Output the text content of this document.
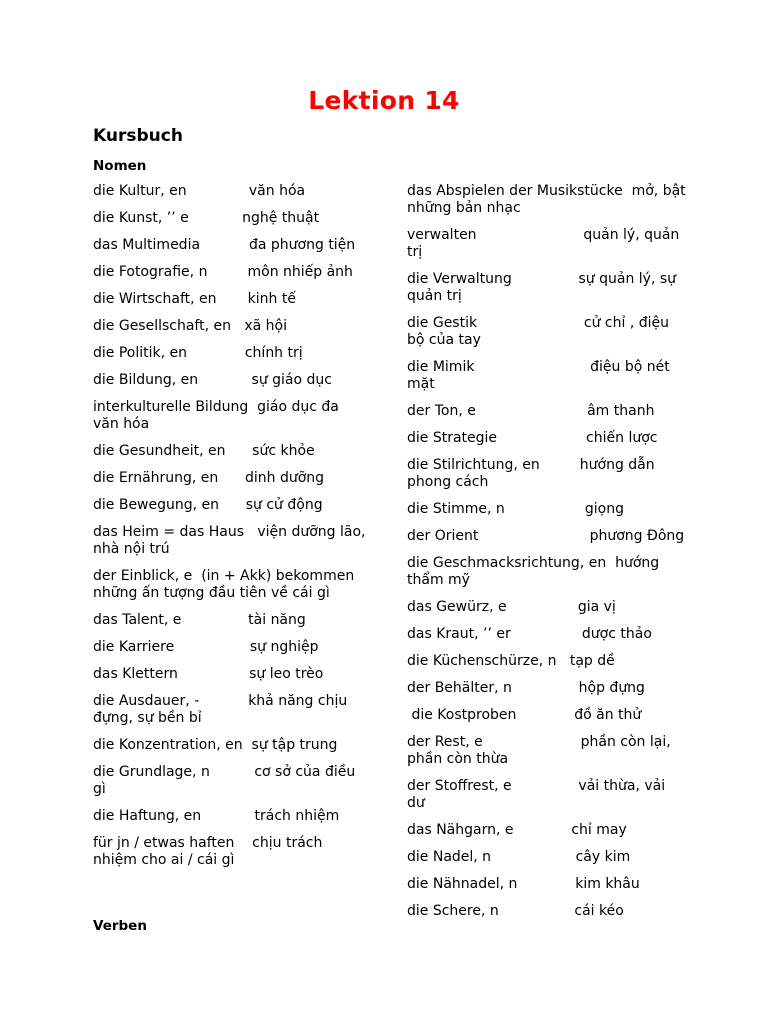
Lektion 14
Kursbuch
Nomen
Verben

die Kultur, en              văn hóa

die Kunst, ’’ e            nghệ thuật

das Multimedia           đa phương tiện

die Fotografie, n         môn nhiếp ảnh

die Wirtschaft, en       kinh tế

die Gesellschaft, en   xã hội

die Politik, en             chính trị

die Bildung, en            sự giáo dục

interkulturelle Bildung  giáo dục đa văn hóa

die Gesundheit, en      sức khỏe

die Ernährung, en      dinh dưỡng

die Bewegung, en      sự cử động

das Heim = das Haus   viện dưỡng lão, nhà nội trú

der Einblick, e  (in + Akk) bekommen  những ấn tượng đầu tiên về cái gì

das Talent, e               tài năng

die Karriere                 sự nghiệp

das Klettern                sự leo trèo

die Ausdauer, -           khả năng chịu đựng, sự bền bỉ

die Konzentration, en  sự tập trung

die Grundlage, n          cơ sở của điều gì

die Haftung, en            trách nhiệm

für jn / etwas haften    chịu trách nhiệm cho ai / cái gì

das Abspielen der Musikstücke  mở, bật những bản nhạc

verwalten                        quản lý, quản trị

die Verwaltung               sự quản lý, sự quản trị

die Gestik                        cử chỉ , điệu bộ của tay

die Mimik                          điệu bộ nét mặt

der Ton, e                         âm thanh

die Strategie                    chiến lược

die Stilrichtung, en         hướng dẫn phong cách

die Stimme, n                  giọng

der Orient                         phương Đông

die Geschmacksrichtung, en  hướng thẩm mỹ

das Gewürz, e                gia vị

das Kraut, ’’ er                dược thảo

die Küchenschürze, n   tạp dề

der Behälter, n               hộp đựng

die Kostproben             đồ ăn thử

der Rest, e                      phần còn lại, phần còn thừa

der Stoffrest, e               vải thừa, vải dư

das Nähgarn, e             chỉ may

die Nadel, n                   cây kim

die Nähnadel, n             kim khâu

die Schere, n                 cái kéo
